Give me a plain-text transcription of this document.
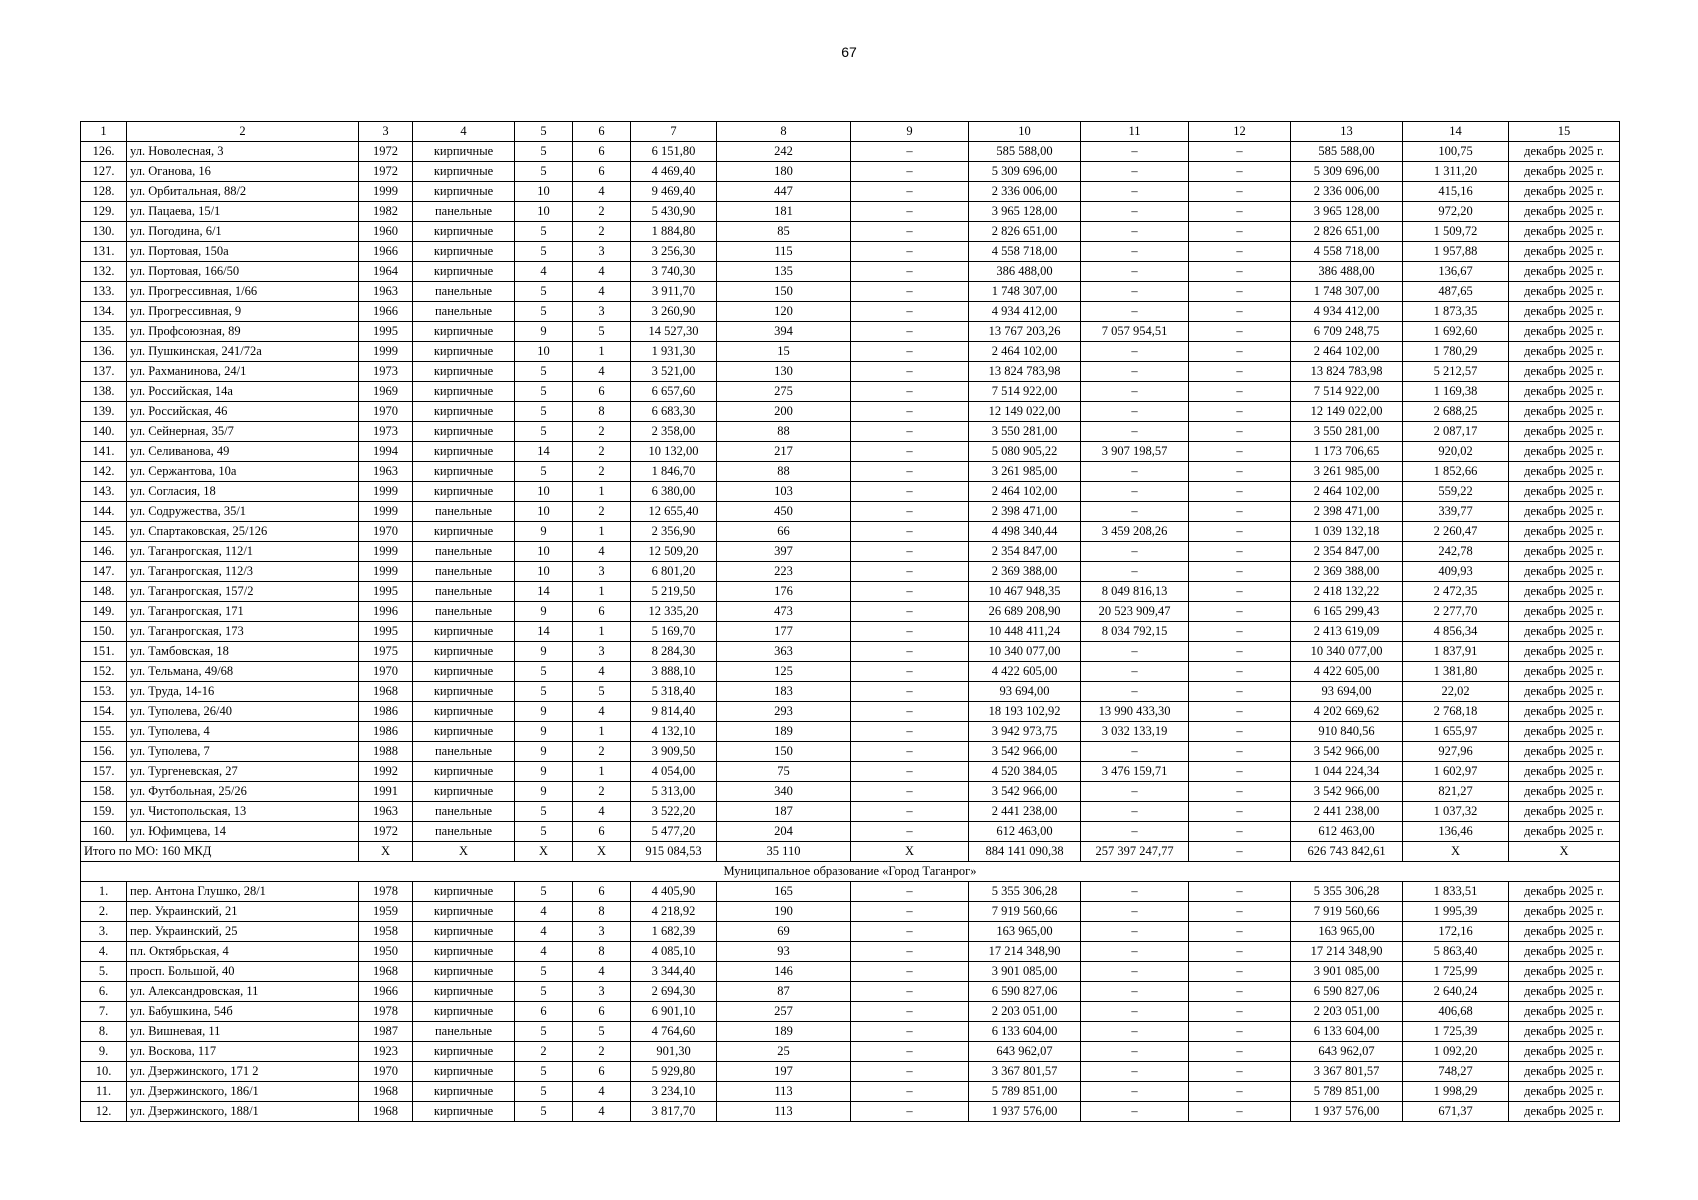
67
1	2	3	4	5	6	7	8	9	10	11	12	13	14	15
126.	ул. Новолесная, 3	1972	кирпичные	5	6	6 151,80	242	–	585 588,00	–	–	585 588,00	100,75	декабрь 2025 г.
127.	ул. Оганова, 16	1972	кирпичные	5	6	4 469,40	180	–	5 309 696,00	–	–	5 309 696,00	1 311,20	декабрь 2025 г.
128.	ул. Орбитальная, 88/2	1999	кирпичные	10	4	9 469,40	447	–	2 336 006,00	–	–	2 336 006,00	415,16	декабрь 2025 г.
129.	ул. Пацаева, 15/1	1982	панельные	10	2	5 430,90	181	–	3 965 128,00	–	–	3 965 128,00	972,20	декабрь 2025 г.
130.	ул. Погодина, 6/1	1960	кирпичные	5	2	1 884,80	85	–	2 826 651,00	–	–	2 826 651,00	1 509,72	декабрь 2025 г.
131.	ул. Портовая, 150а	1966	кирпичные	5	3	3 256,30	115	–	4 558 718,00	–	–	4 558 718,00	1 957,88	декабрь 2025 г.
132.	ул. Портовая, 166/50	1964	кирпичные	4	4	3 740,30	135	–	386 488,00	–	–	386 488,00	136,67	декабрь 2025 г.
133.	ул. Прогрессивная, 1/66	1963	панельные	5	4	3 911,70	150	–	1 748 307,00	–	–	1 748 307,00	487,65	декабрь 2025 г.
134.	ул. Прогрессивная, 9	1966	панельные	5	3	3 260,90	120	–	4 934 412,00	–	–	4 934 412,00	1 873,35	декабрь 2025 г.
135.	ул. Профсоюзная, 89	1995	кирпичные	9	5	14 527,30	394	–	13 767 203,26	7 057 954,51	–	6 709 248,75	1 692,60	декабрь 2025 г.
136.	ул. Пушкинская, 241/72а	1999	кирпичные	10	1	1 931,30	15	–	2 464 102,00	–	–	2 464 102,00	1 780,29	декабрь 2025 г.
137.	ул. Рахманинова, 24/1	1973	кирпичные	5	4	3 521,00	130	–	13 824 783,98	–	–	13 824 783,98	5 212,57	декабрь 2025 г.
138.	ул. Российская, 14а	1969	кирпичные	5	6	6 657,60	275	–	7 514 922,00	–	–	7 514 922,00	1 169,38	декабрь 2025 г.
139.	ул. Российская, 46	1970	кирпичные	5	8	6 683,30	200	–	12 149 022,00	–	–	12 149 022,00	2 688,25	декабрь 2025 г.
140.	ул. Сейнерная, 35/7	1973	кирпичные	5	2	2 358,00	88	–	3 550 281,00	–	–	3 550 281,00	2 087,17	декабрь 2025 г.
141.	ул. Селиванова, 49	1994	кирпичные	14	2	10 132,00	217	–	5 080 905,22	3 907 198,57	–	1 173 706,65	920,02	декабрь 2025 г.
142.	ул. Сержантова, 10а	1963	кирпичные	5	2	1 846,70	88	–	3 261 985,00	–	–	3 261 985,00	1 852,66	декабрь 2025 г.
143.	ул. Согласия, 18	1999	кирпичные	10	1	6 380,00	103	–	2 464 102,00	–	–	2 464 102,00	559,22	декабрь 2025 г.
144.	ул. Содружества, 35/1	1999	панельные	10	2	12 655,40	450	–	2 398 471,00	–	–	2 398 471,00	339,77	декабрь 2025 г.
145.	ул. Спартаковская, 25/126	1970	кирпичные	9	1	2 356,90	66	–	4 498 340,44	3 459 208,26	–	1 039 132,18	2 260,47	декабрь 2025 г.
146.	ул. Таганрогская, 112/1	1999	панельные	10	4	12 509,20	397	–	2 354 847,00	–	–	2 354 847,00	242,78	декабрь 2025 г.
147.	ул. Таганрогская, 112/3	1999	панельные	10	3	6 801,20	223	–	2 369 388,00	–	–	2 369 388,00	409,93	декабрь 2025 г.
148.	ул. Таганрогская, 157/2	1995	панельные	14	1	5 219,50	176	–	10 467 948,35	8 049 816,13	–	2 418 132,22	2 472,35	декабрь 2025 г.
149.	ул. Таганрогская, 171	1996	панельные	9	6	12 335,20	473	–	26 689 208,90	20 523 909,47	–	6 165 299,43	2 277,70	декабрь 2025 г.
150.	ул. Таганрогская, 173	1995	кирпичные	14	1	5 169,70	177	–	10 448 411,24	8 034 792,15	–	2 413 619,09	4 856,34	декабрь 2025 г.
151.	ул. Тамбовская, 18	1975	кирпичные	9	3	8 284,30	363	–	10 340 077,00	–	–	10 340 077,00	1 837,91	декабрь 2025 г.
152.	ул. Тельмана, 49/68	1970	кирпичные	5	4	3 888,10	125	–	4 422 605,00	–	–	4 422 605,00	1 381,80	декабрь 2025 г.
153.	ул. Труда, 14-16	1968	кирпичные	5	5	5 318,40	183	–	93 694,00	–	–	93 694,00	22,02	декабрь 2025 г.
154.	ул. Туполева, 26/40	1986	кирпичные	9	4	9 814,40	293	–	18 193 102,92	13 990 433,30	–	4 202 669,62	2 768,18	декабрь 2025 г.
155.	ул. Туполева, 4	1986	кирпичные	9	1	4 132,10	189	–	3 942 973,75	3 032 133,19	–	910 840,56	1 655,97	декабрь 2025 г.
156.	ул. Туполева, 7	1988	панельные	9	2	3 909,50	150	–	3 542 966,00	–	–	3 542 966,00	927,96	декабрь 2025 г.
157.	ул. Тургеневская, 27	1992	кирпичные	9	1	4 054,00	75	–	4 520 384,05	3 476 159,71	–	1 044 224,34	1 602,97	декабрь 2025 г.
158.	ул. Футбольная, 25/26	1991	кирпичные	9	2	5 313,00	340	–	3 542 966,00	–	–	3 542 966,00	821,27	декабрь 2025 г.
159.	ул. Чистопольская, 13	1963	панельные	5	4	3 522,20	187	–	2 441 238,00	–	–	2 441 238,00	1 037,32	декабрь 2025 г.
160.	ул. Юфимцева, 14	1972	панельные	5	6	5 477,20	204	–	612 463,00	–	–	612 463,00	136,46	декабрь 2025 г.
Итого по МО: 160 МКД		X	X	X	X	915 084,53	35 110	X	884 141 090,38	257 397 247,77	–	626 743 842,61	X	X
Муниципальное образование «Город Таганрог»														
1.	пер. Антона Глушко, 28/1	1978	кирпичные	5	6	4 405,90	165	–	5 355 306,28	–	–	5 355 306,28	1 833,51	декабрь 2025 г.
2.	пер. Украинский, 21	1959	кирпичные	4	8	4 218,92	190	–	7 919 560,66	–	–	7 919 560,66	1 995,39	декабрь 2025 г.
3.	пер. Украинский, 25	1958	кирпичные	4	3	1 682,39	69	–	163 965,00	–	–	163 965,00	172,16	декабрь 2025 г.
4.	пл. Октябрьская, 4	1950	кирпичные	4	8	4 085,10	93	–	17 214 348,90	–	–	17 214 348,90	5 863,40	декабрь 2025 г.
5.	просп. Большой, 40	1968	кирпичные	5	4	3 344,40	146	–	3 901 085,00	–	–	3 901 085,00	1 725,99	декабрь 2025 г.
6.	ул. Александровская, 11	1966	кирпичные	5	3	2 694,30	87	–	6 590 827,06	–	–	6 590 827,06	2 640,24	декабрь 2025 г.
7.	ул. Бабушкина, 54б	1978	кирпичные	6	6	6 901,10	257	–	2 203 051,00	–	–	2 203 051,00	406,68	декабрь 2025 г.
8.	ул. Вишневая, 11	1987	панельные	5	5	4 764,60	189	–	6 133 604,00	–	–	6 133 604,00	1 725,39	декабрь 2025 г.
9.	ул. Воскова, 117	1923	кирпичные	2	2	901,30	25	–	643 962,07	–	–	643 962,07	1 092,20	декабрь 2025 г.
10.	ул. Дзержинского, 171 2	1970	кирпичные	5	6	5 929,80	197	–	3 367 801,57	–	–	3 367 801,57	748,27	декабрь 2025 г.
11.	ул. Дзержинского, 186/1	1968	кирпичные	5	4	3 234,10	113	–	5 789 851,00	–	–	5 789 851,00	1 998,29	декабрь 2025 г.
12.	ул. Дзержинского, 188/1	1968	кирпичные	5	4	3 817,70	113	–	1 937 576,00	–	–	1 937 576,00	671,37	декабрь 2025 г.
